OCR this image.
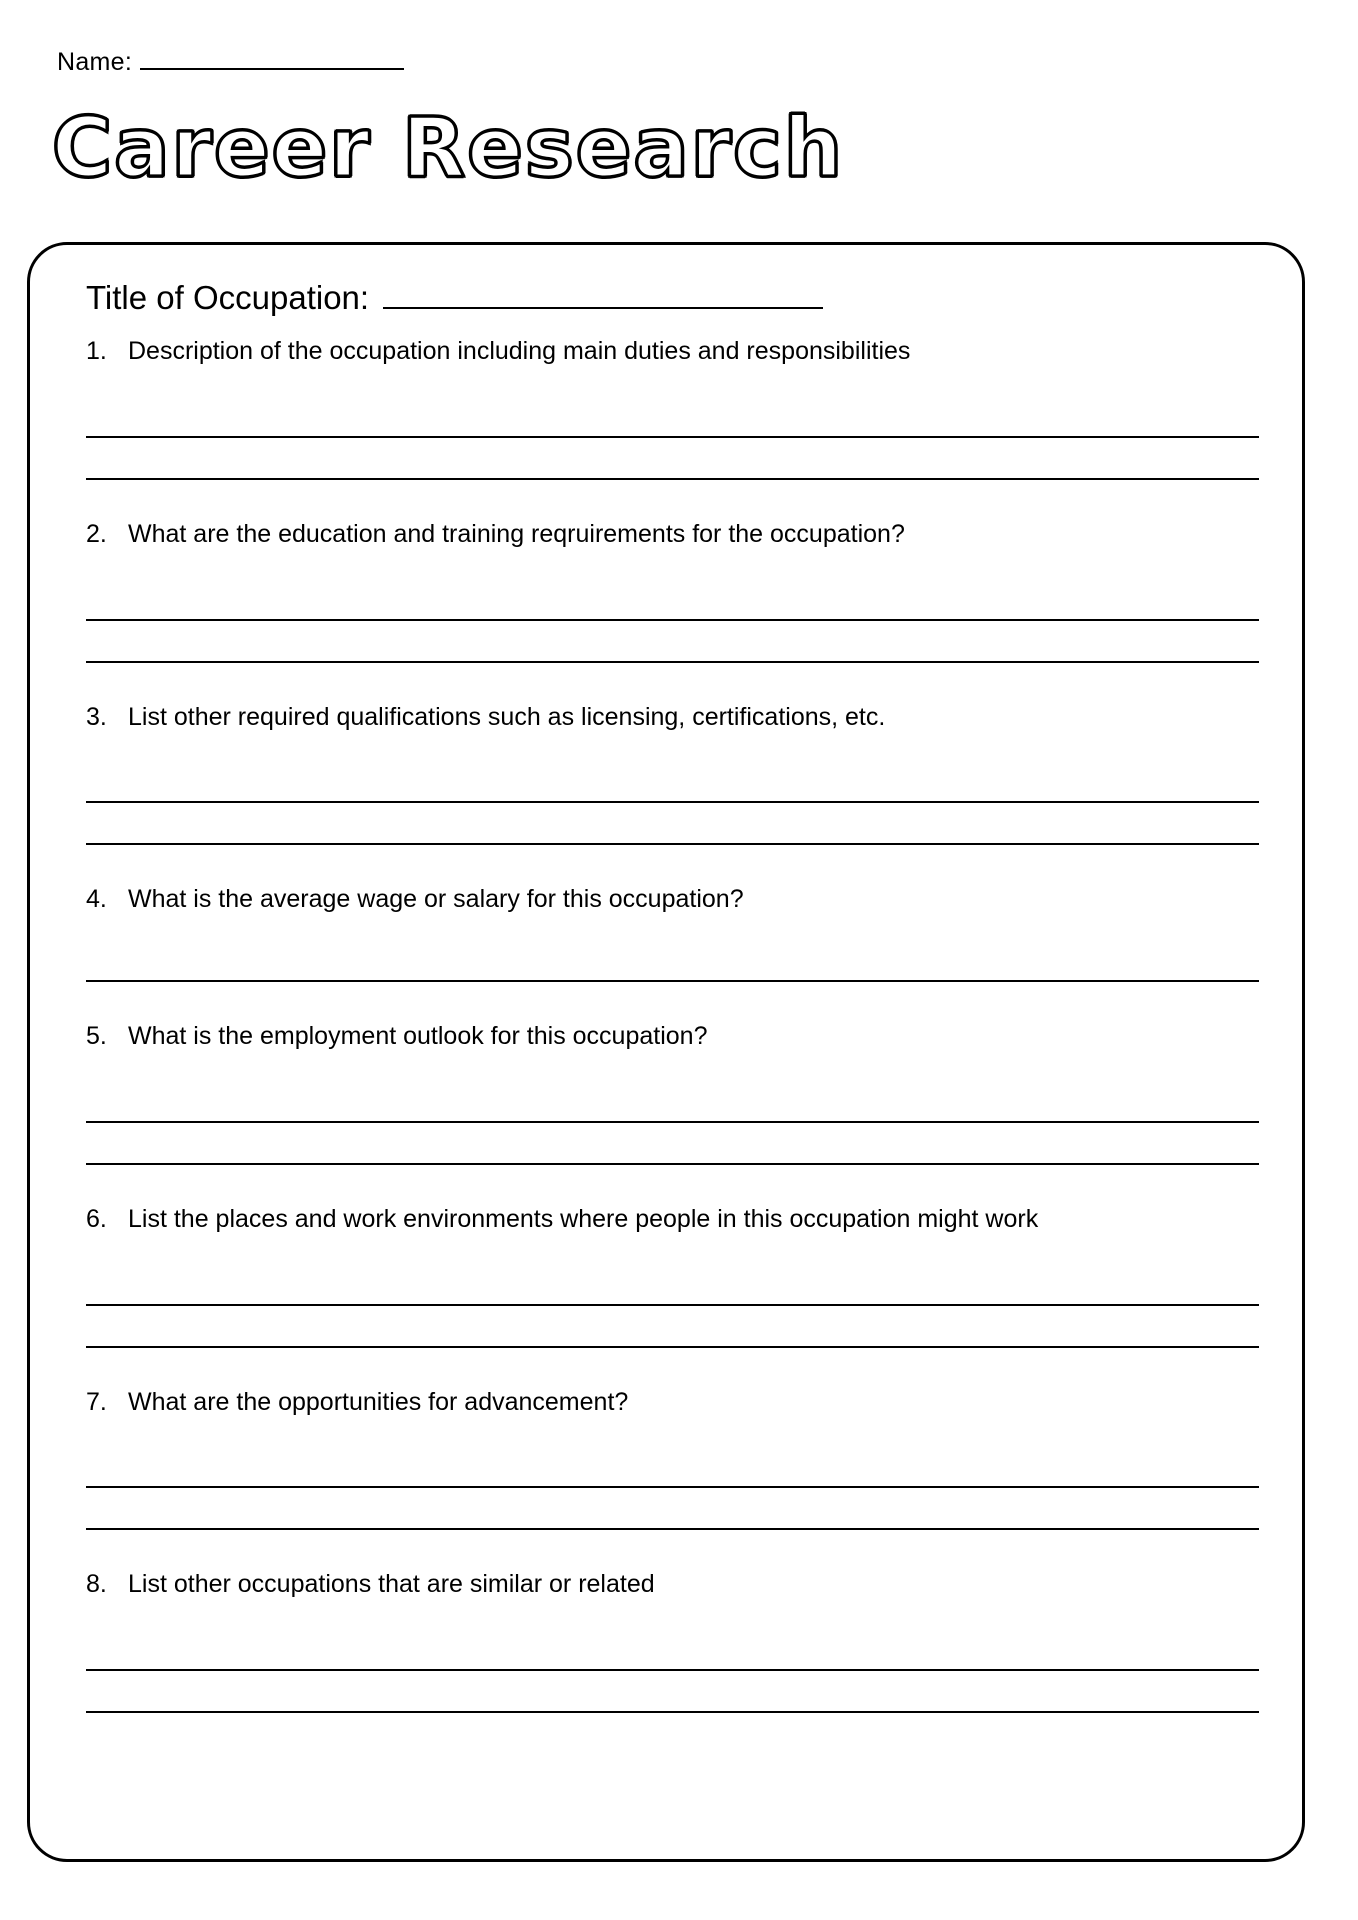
Name:
Career Research
Title of Occupation:
1. Description of the occupation including main duties and responsibilities
2. What are the education and training reqruirements for the occupation?
3. List other required qualifications such as licensing, certifications, etc.
4. What is the average wage or salary for this occupation?
5. What is the employment outlook for this occupation?
6. List the places and work environments where people in this occupation might work
7. What are the opportunities for advancement?
8. List other occupations that are similar or related
